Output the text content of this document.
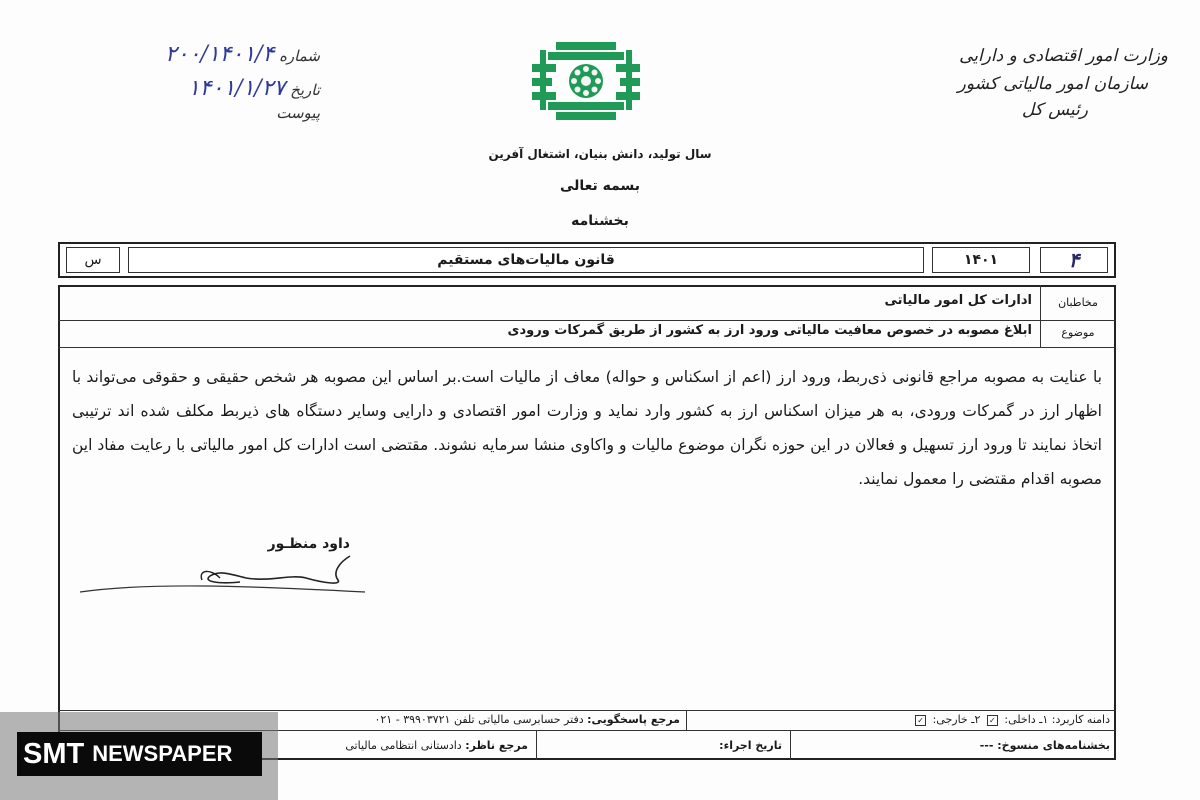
شماره ۲۰۰/۱۴۰۱/۴
تاریخ ۱۴۰۱/۱/۲۷
پیوست
وزارت امور اقتصادی و دارایی
سازمان امور مالیاتی کشور
رئیس کل
سال تولید، دانش بنیان، اشتغال آفرین
بسمه تعالی
بخشنامه
۴
۱۴۰۱
قانون مالیات‌های مستقیم
س
مخاطبان
ادارات کل امور مالیاتی
موضوع
ابلاغ مصوبه در خصوص معافیت مالیاتی ورود ارز به کشور از طریق گمرکات ورودی
با عنایت به مصوبه مراجع قانونی ذی‌ربط، ورود ارز (اعم از اسکناس و حواله) معاف از مالیات است.بر اساس این مصوبه هر شخص حقیقی و حقوقی می‌تواند با اظهار ارز در گمرکات ورودی، به هر میزان اسکناس ارز به کشور وارد نماید و وزارت امور اقتصادی و دارایی وسایر دستگاه های ذیربط مکلف شده اند ترتیبی اتخاذ نمایند تا ورود ارز تسهیل و فعالان در این حوزه نگران موضوع مالیات و واکاوی منشا سرمایه نشوند. مقتضی است ادارات کل امور مالیاتی با رعایت مفاد این مصوبه اقدام مقتضی را معمول نمایند.
داود منظـور
دامنه کاربرد: ۱ـ داخلی: ✓ ۲ـ خارجی: ✓
مرجع پاسخگویی: دفتر حسابرسی مالیاتی تلفن ۳۹۹۰۳۷۲۱ - ۰۲۱
بخشنامه‌های منسوخ: ---
تاریخ اجراء:
مرجع ناظر: دادستانی انتظامی مالیاتی
SMT NEWSPAPER
